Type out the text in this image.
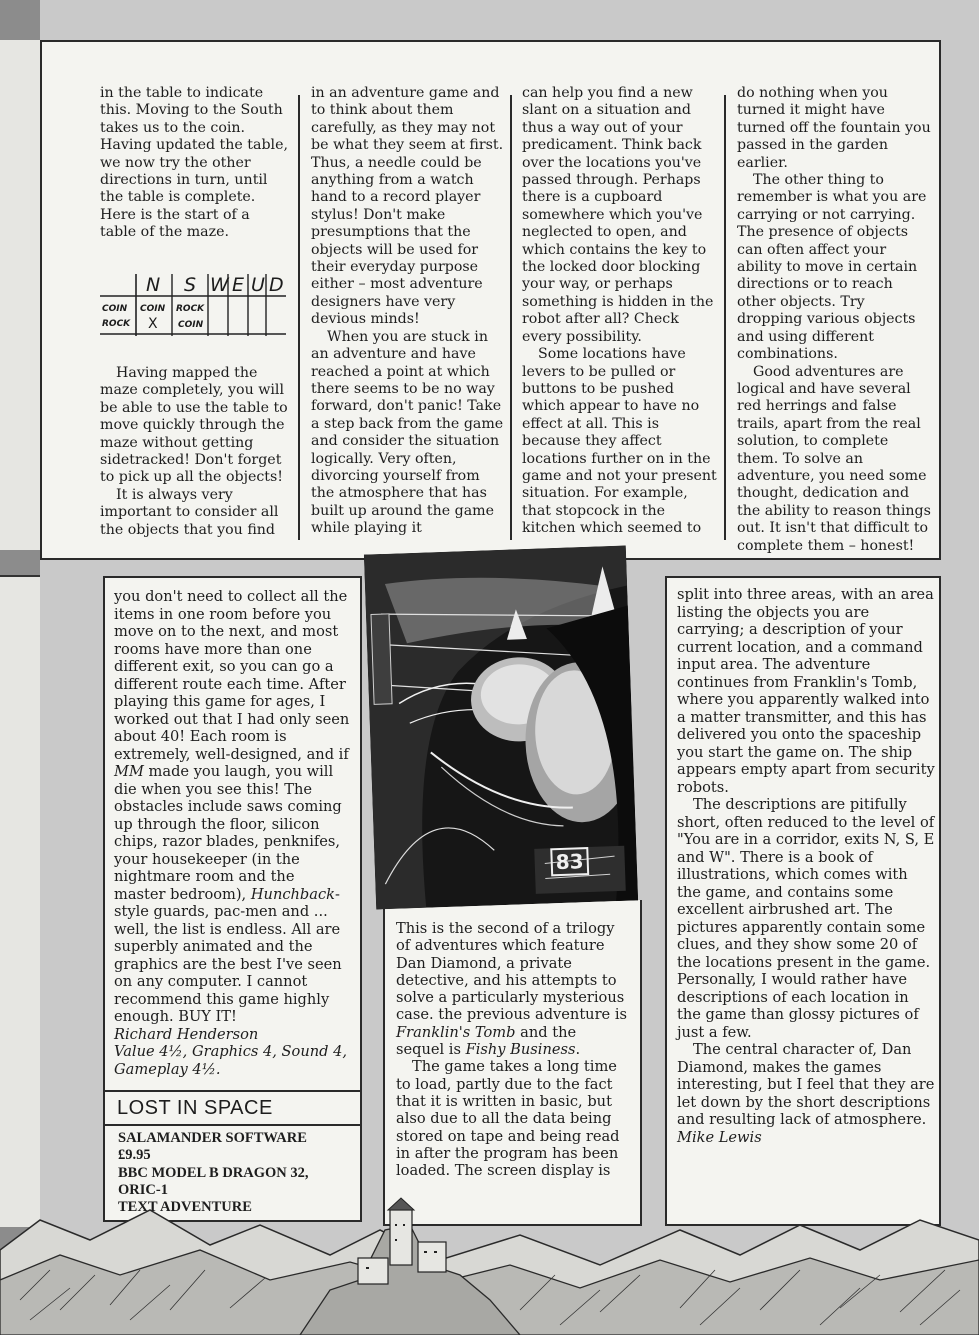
in the table to indicate this. Moving to the South takes us to the coin. Having updated the table, we now try the other directions in turn, until the table is complete. Here is the start of a table of the maze.

N S W E U D
COIN COIN ROCK
ROCK X COIN

Having mapped the maze completely, you will be able to use the table to move quickly through the maze without getting sidetracked! Don't forget to pick up all the objects!

It is always very important to consider all the objects that you find

in an adventure game and to think about them carefully, as they may not be what they seem at first. Thus, a needle could be anything from a watch hand to a record player stylus! Don't make presumptions that the objects will be used for their everyday purpose either – most adventure designers have very devious minds!

When you are stuck in an adventure and have reached a point at which there seems to be no way forward, don't panic! Take a step back from the game and consider the situation logically. Very often, divorcing yourself from the atmosphere that has built up around the game while playing it

can help you find a new slant on a situation and thus a way out of your predicament. Think back over the locations you've passed through. Perhaps there is a cupboard somewhere which you've neglected to open, and which contains the key to the locked door blocking your way, or perhaps something is hidden in the robot after all? Check every possibility.

Some locations have levers to be pulled or buttons to be pushed which appear to have no effect at all. This is because they affect locations further on in the game and not your present situation. For example, that stopcock in the kitchen which seemed to

do nothing when you turned it might have turned off the fountain you passed in the garden earlier.

The other thing to remember is what you are carrying or not carrying. The presence of objects can often affect your ability to move in certain directions or to reach other objects. Try dropping various objects and using different combinations.

Good adventures are logical and have several red herrings and false trails, apart from the real solution, to complete them. To solve an adventure, you need some thought, dedication and the ability to reason things out. It isn't that difficult to complete them – honest!

you don't need to collect all the items in one room before you move on to the next, and most rooms have more than one different exit, so you can go a different route each time. After playing this game for ages, I worked out that I had only seen about 40! Each room is extremely, well-designed, and if MM made you laugh, you will die when you see this! The obstacles include saws coming up through the floor, silicon chips, razor blades, penknifes, your housekeeper (in the nightmare room and the master bedroom), Hunchback-style guards, pac-men and ... well, the list is endless. All are superbly animated and the graphics are the best I've seen on any computer. I cannot recommend this game highly enough. BUY IT!

Richard Henderson

Value 4½, Graphics 4, Sound 4, Gameplay 4½.

LOST IN SPACE
SALAMANDER SOFTWARE
£9.95
BBC MODEL B DRAGON 32,
ORIC-1
TEXT ADVENTURE
83

This is the second of a trilogy of adventures which feature Dan Diamond, a private detective, and his attempts to solve a particularly mysterious case. the previous adventure is Franklin's Tomb and the sequel is Fishy Business.

The game takes a long time to load, partly due to the fact that it is written in basic, but also due to all the data being stored on tape and being read in after the program has been loaded. The screen display is

split into three areas, with an area listing the objects you are carrying; a description of your current location, and a command input area. The adventure continues from Franklin's Tomb, where you apparently walked into a matter transmitter, and this has delivered you onto the spaceship you start the game on. The ship appears empty apart from security robots.

The descriptions are pitifully short, often reduced to the level of "You are in a corridor, exits N, S, E and W". There is a book of illustrations, which comes with the game, and contains some excellent airbrushed art. The pictures apparently contain some clues, and they show some 20 of the locations present in the game. Personally, I would rather have descriptions of each location in the game than glossy pictures of just a few.

The central character of, Dan Diamond, makes the games interesting, but I feel that they are let down by the short descriptions and resulting lack of atmosphere.

Mike Lewis
